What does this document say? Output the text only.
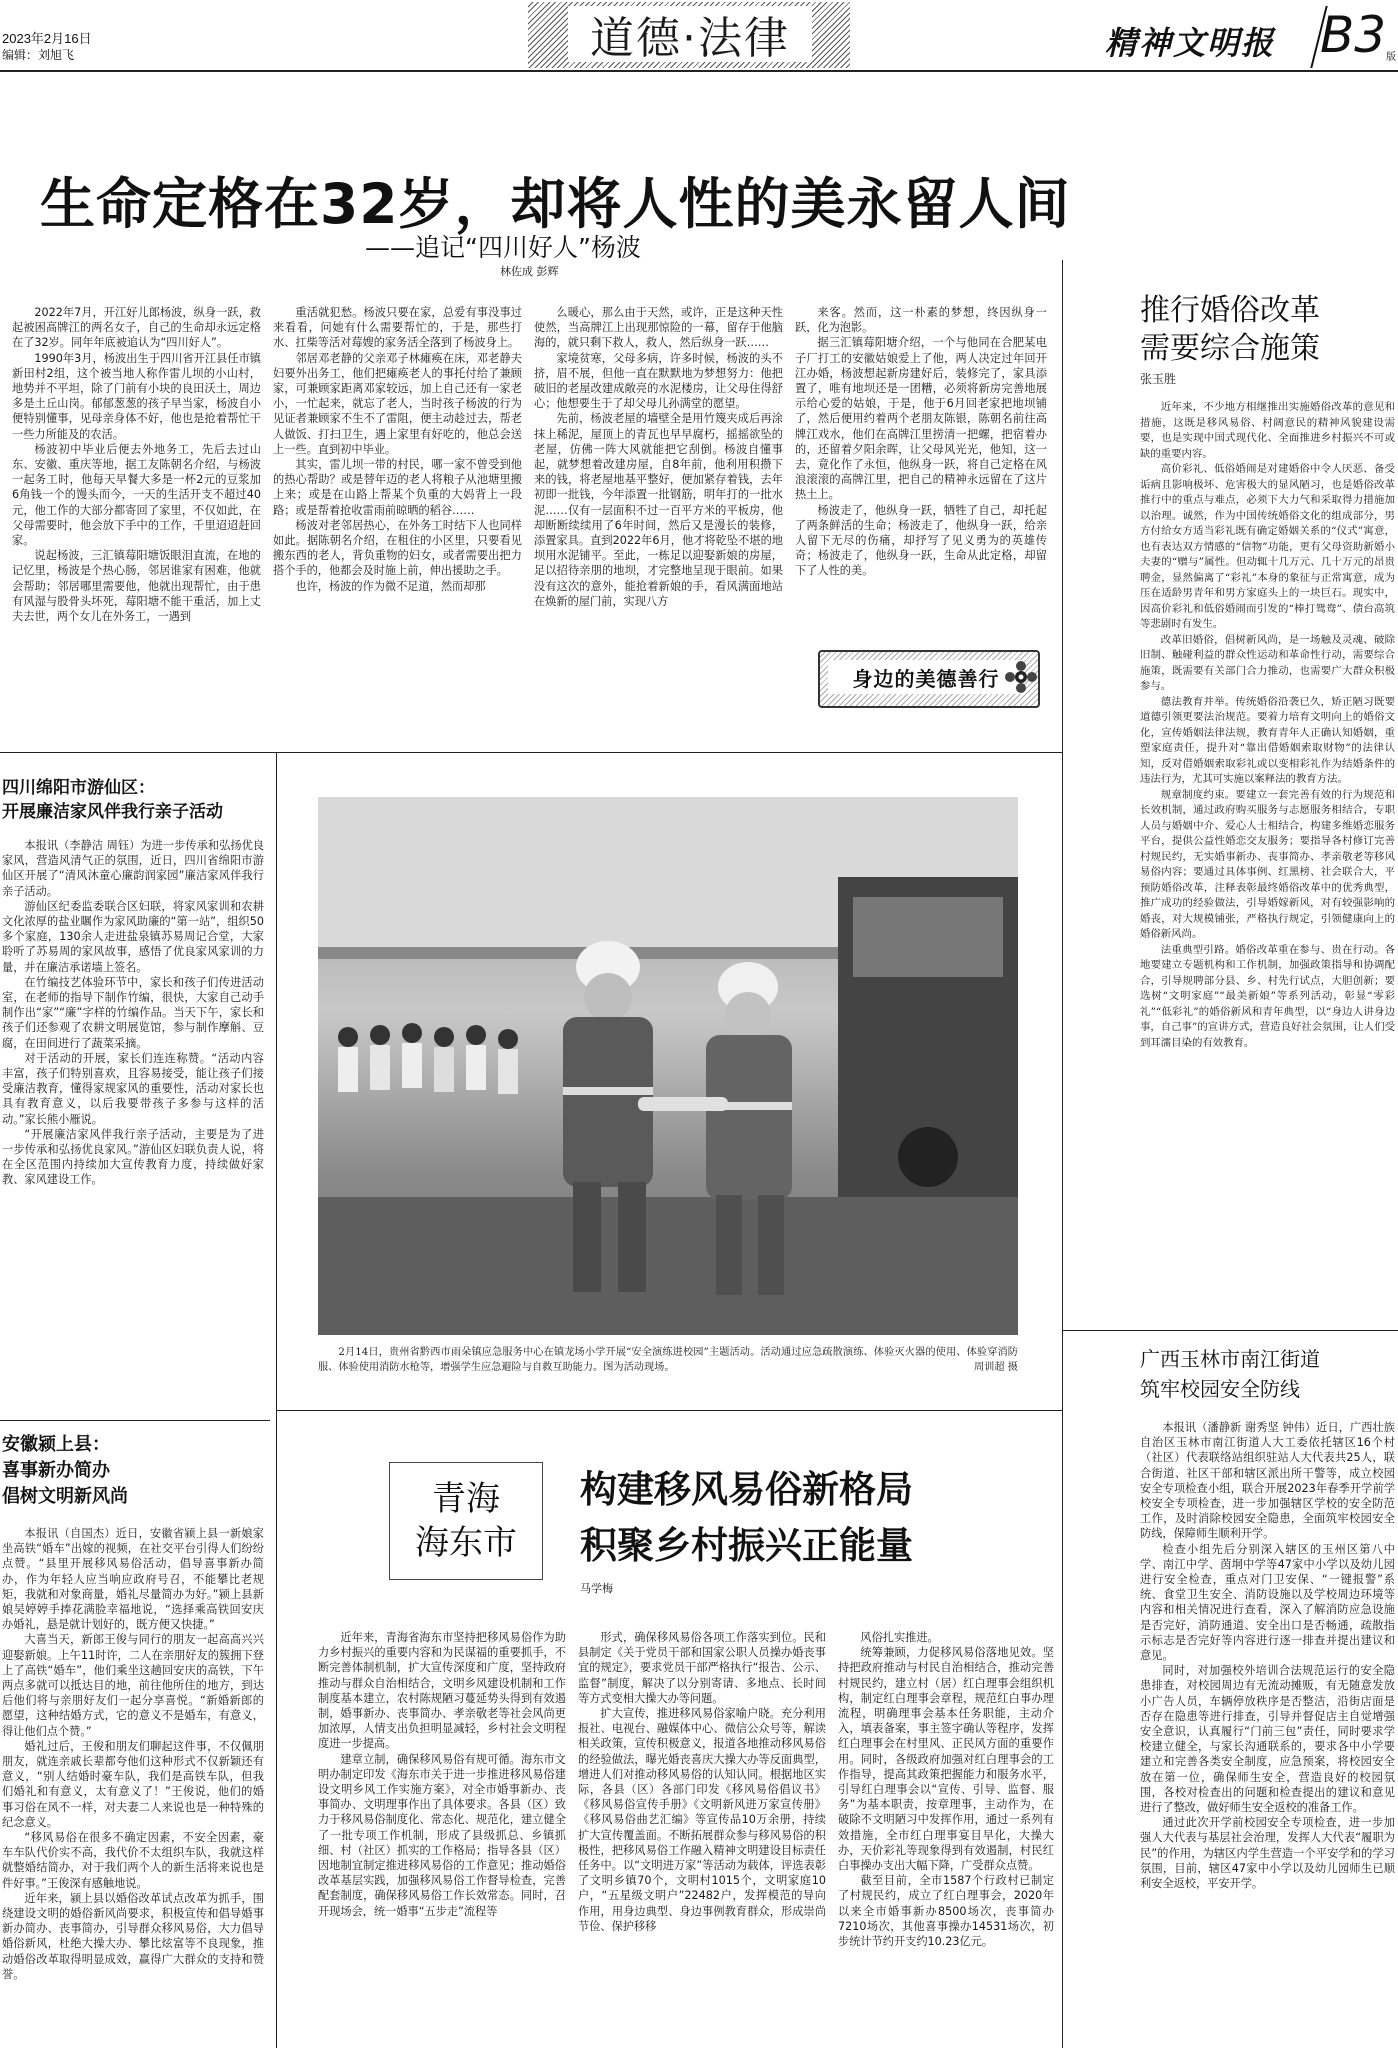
2023年2月16日
编辑：刘旭飞	道德·法律	精神文明报 B3 版
生命定格在32岁，却将人性的美永留人间
——追记“四川好人”杨波
林佐成 彭辉

2022年7月，开江好儿郎杨波，纵身一跃，救起被困高牌江的两名女子，自己的生命却永远定格在了32岁。同年年底被追认为“四川好人”。

1990年3月，杨波出生于四川省开江县任市镇新田村2组，这个被当地人称作雷儿坝的小山村，地势并不平坦，除了门前有小块的良田沃土，周边多是土丘山岗。郁郁葱葱的孩子早当家，杨波自小便特别懂事，见母亲身体不好，他也是抢着帮忙干一些力所能及的农活。

杨波初中毕业后便去外地务工，先后去过山东、安徽、重庆等地，据工友陈朝名介绍，与杨波一起务工时，他每天早餐大多是一杯2元的豆浆加6角钱一个的馒头而今，一天的生活开支不超过40元，他工作的大部分都寄回了家里，不仅如此，在父母需要时，他会放下手中的工作，千里迢迢赶回家。

说起杨波，三汇镇莓阳塘饭眼泪直流，在地的记忆里，杨波是个热心肠，邻居谁家有困难，他就会帮助；邻居哪里需要他，他就出现帮忙，由于患有风湿与股骨头坏死，莓阳塘不能干重活，加上丈夫去世，两个女儿在外务工，一遇到

重活就犯愁。杨波只要在家，总爱有事没事过来看看，问她有什么需要帮忙的，于是，那些打水、扛柴等活对莓嫂的家务活全落到了杨波身上。

邻居邓老静的父亲邓子林瘫痪在床，邓老静夫妇要外出务工，他们把瘫痪老人的事托付给了兼顾家，可兼顾家距离邓家较远，加上自己还有一家老小，一忙起来，就忘了老人，当时孩子杨波的行为见证者兼顾家不生不了雷阻，便主动趁过去，帮老人做饭、打扫卫生，遇上家里有好吃的，他总会送上一些。直到初中毕业。

其实，雷儿坝一带的村民，哪一家不曾受到他的热心帮助？或是替年迈的老人将粮子从池塘里搬上来；或是在山路上帮某个负重的大妈背上一段路；或是帮着抢收雷雨前晾晒的稻谷……

杨波对老邻居热心，在外务工时结下人也同样如此。据陈朝名介绍，在租住的小区里，只要看见搬东西的老人，背负重物的妇女，或者需要出把力搭个手的，他都会及时施上前，伸出援助之手。

也许，杨波的作为微不足道，然而却那

么暖心，那么由于天然，或许，正是这种天性使然，当高牌江上出现那惊险的一幕，留存于他脑海的，就只剩下救人，救人，然后纵身一跃……

家境贫寒，父母多病，许多时候，杨波的头不挤，眉不展，但他一直在默默地为梦想努力：他把破旧的老屋改建成敞亮的水泥楼房，让父母住得舒心；他想要生于了却父母儿孙满堂的愿望。

先前，杨波老屋的墙壁全是用竹篾夹成后再涂抹上稀泥，屋顶上的青瓦也早早腐朽，摇摇欲坠的老屋，仿佛一阵大风就能把它刮倒。杨波自懂事起，就梦想着改建房屋，自8年前，他利用积攒下来的钱，将老屋地基平整好，便加紧存着钱，去年初即一批钱，今年添置一批钢筋，明年打的一批水泥……仅有一层面积不过一百平方米的平板房，他却断断续续用了6年时间，然后又是漫长的装修，添置家具。直到2022年6月，他才将乾坠不堪的地坝用水泥铺平。至此，一栋足以迎娶新娘的房屋，足以招待亲朋的地坝，才完整地呈现于眼前。如果没有这次的意外，能抢着新娘的手，看风满面地站在焕新的屋门前，实现八方

来客。然而，这一朴素的梦想，终因纵身一跃，化为泡影。

据三汇镇莓阳塘介绍，一个与他同在合肥某电子厂打工的安徽姑娘爱上了他，两人决定过年回开江办婚，杨波想起新房建好后，装修完了，家具添置了，唯有地坝还是一团糟，必须将新房完善地展示给心爱的姑娘，于是，他于6月回老家把地坝铺了，然后便用约着两个老朋友陈银，陈朝名前往高牌江戏水，他们在高牌江里捞清一把螺，把宿着办的，还留着夕阳余晖，让父母风光光，他知，这一去，竟化作了永恒，他纵身一跃，将自己定格在风浪滚滚的高牌江里，把自己的精神永远留在了这片热土上。

杨波走了，他纵身一跃，牺牲了自己，却托起了两条鲜活的生命；杨波走了，他纵身一跃，给亲人留下无尽的伤痛，却抒写了见义勇为的英雄传奇；杨波走了，他纵身一跃，生命从此定格，却留下了人性的美。

身边的美德善行
推行婚俗改革需要综合施策
张玉胜

近年来，不少地方相继推出实施婚俗改革的意见和措施，这既是移风易俗、村阔意民的精神风貌建设需要，也是实现中国式现代化、全面推进乡村振兴不可或缺的重要内容。

高价彩礼、低俗婚闹是对建婚俗中令人厌恶、备受诟病且影响极坏、危害极大的显风陋习，也是婚俗改革推行中的重点与难点，必须下大力气和采取得力措施加以治理。诚然，作为中国传统婚俗文化的组成部分，男方付给女方适当彩礼既有确定婚姻关系的“仪式”寓意，也有表达双方情感的“信物”功能，更有父母资助新婚小夫妻的“赠与”属性。但动辄十几万元、几十万元的昂贵聘金，显然偏离了“彩礼”本身的象征与正常寓意，成为压在适龄男青年和男方家庭头上的一块巨石。现实中，因高价彩礼和低俗婚闹而引发的“棒打鸳鸯”、债台高筑等悲剧时有发生。

改革旧婚俗，倡树新风尚，是一场触及灵魂、破除旧制、触碰利益的群众性运动和革命性行动，需要综合施策，既需要有关部门合力推动，也需要广大群众积极参与。

德法教育并举。传统婚俗沿袭已久，矫正陋习既要道德引领更要法治规范。要着力培育文明向上的婚俗文化，宣传婚姻法律法规，教育青年人正确认知婚姻，重塑家庭责任，提升对“靠出借婚姻索取财物”的法律认知，反对借婚姻索取彩礼或以变相彩礼作为结婚条件的违法行为，尤其可实施以案释法的教育方法。

规章制度约束。要建立一套完善有效的行为规范和长效机制，通过政府购买服务与志愿服务相结合，专职人员与婚姻中介、爱心人士相结合，构建多维婚恋服务平台，提供公益性婚恋交友服务；要指导各村修订完善村规民约，无实婚事新办、丧事简办、孝亲敬老等移风易俗内容；要通过具体事例、红黑榜、社会联合大，平预防婚俗改革，注释表彰最终婚俗改革中的优秀典型，推广成功的经验做法，引导婚嫁新风，对有较强影响的婚丧，对大规模铺张，严格执行规定，引领健康向上的婚俗新风尚。

法重典型引路。婚俗改革重在参与、贵在行动。各地要建立专题机构和工作机制，加强政策指导和协调配合，引导规聘部分县、乡、村先行试点，大胆创新；要选树“文明家庭”“最美新娘”等系列活动，彰显“零彩礼”“低彩礼”的婚俗新风和青年典型，以“身边人讲身边事，自己事”的宣讲方式，营造良好社会氛围，让人们受到耳濡目染的有效教育。

四川绵阳市游仙区：
开展廉洁家风伴我行亲子活动

本报讯（李静洁 周钰）为进一步传承和弘扬优良家风，营造风清气正的氛围，近日，四川省绵阳市游仙区开展了“清风沐童心廉韵润家园”廉洁家风伴我行亲子活动。

游仙区纪委监委联合区妇联，将家风家训和农耕文化浓厚的盐业瞩作为家风助廉的“第一站”，组织50多个家庭，130余人走进盐泉镇苏易周记合堂，大家聆听了苏易周的家风故事，感悟了优良家风家训的力量，并在廉洁承诺墙上签名。

在竹编技艺体验环节中，家长和孩子们传进活动室，在老师的指导下制作竹编，很快，大家自己动手制作出“家”“廉”字样的竹编作品。当天下午，家长和孩子们还参观了农耕文明展览馆，参与制作摩斛、豆腐，在田间进行了蔬菜采摘。

对于活动的开展，家长们连连称赞。“活动内容丰富，孩子们特别喜欢，且容易接受，能让孩子们接受廉洁教育，懂得家规家风的重要性，活动对家长也具有教育意义，以后我要带孩子多参与这样的活动。”家长熊小雁说。

“开展廉洁家风伴我行亲子活动，主要是为了进一步传承和弘扬优良家风。”游仙区妇联负责人说，将在全区范围内持续加大宣传教育力度，持续做好家教、家风建设工作。

安徽颍上县：
喜事新办简办
倡树文明新风尚

本报讯（自国杰）近日，安徽省颍上县一新娘家坐高铁“婚车”出嫁的视频，在社交平台引得人们纷纷点赞。“县里开展移风易俗活动，倡导喜事新办简办，作为年轻人应当响应政府号召，不能攀比老规矩，我就和对象商量，婚礼尽量简办为好。”颍上县新娘吴婷婷手捧花满脸幸福地说，“选择乘高铁回安庆办婚礼，悬是就计划好的，既方便又快捷。”

大喜当天，新郎王俊与同行的朋友一起高高兴兴迎娶新娘。上午11时许，二人在亲朋好友的簇拥下登上了高铁“婚车”，他们乘坐这趟回安庆的高铁，下午两点多就可以抵达目的地，前往他所住的地方，到达后他们将与亲朋好友们一起分享喜悦。“新婚新郎的愿望，这种结婚方式，它的意义不是婚车，有意义，得让他们点个赞。”

婚礼过后，王俊和朋友们聊起这件事，不仅佩朋朋友，就连亲戚长辈都夸他们这种形式不仅新颖还有意义，“别人结婚时豪车队，我们是高铁车队，但我们婚礼和有意义，太有意义了！”王俊说，他们的婚事习俗在风不一样，对夫妻二人来说也是一种特殊的纪念意义。

“移风易俗在很多不确定因素，不安全因素，豪车车队代价实不高，我代价不太组织车队，我就这样就整婚结简办，对于我们两个人的新生活将来说也是件好事。”王俊深有感触地说。

近年来，颍上县以婚俗改革试点改革为抓手，围绕建设文明的婚俗新风尚要求，积极宣传和倡导婚事新办简办、丧事简办，引导群众移风易俗，大力倡导婚俗新风，杜绝大操大办、攀比炫富等不良现象，推动婚俗改革取得明显成效，赢得广大群众的支持和赞誉。

2月14日，贵州省黔西市雨朵镇应急服务中心在镇龙场小学开展“安全演练进校园”主题活动。活动通过应急疏散演练、体验灭火器的使用、体验穿消防服、体验使用消防水枪等，增强学生应急避险与自救互助能力。图为活动现场。	周训超 摄

青海
海东市
构建移风易俗新格局
积聚乡村振兴正能量
马学梅

近年来，青海省海东市坚持把移风易俗作为助力乡村振兴的重要内容和为民谋福的重要抓手，不断完善体制机制，扩大宣传深度和广度，坚持政府推动与群众自治相结合，文明乡风建设机制和工作制度基本建立，农村陈规陋习蔓延势头得到有效遏制，婚事新办、丧事简办、孝亲敬老等社会风尚更加浓厚，人情支出负担明显减轻，乡村社会文明程度进一步提高。

建章立制，确保移风易俗有规可循。海东市文明办制定印发《海东市关于进一步推进移风易俗建设文明乡风工作实施方案》，对全市婚事新办、丧事简办、文明理事作出了具体要求。各县（区）致力于移风易俗制度化、常态化、规范化，建立健全了一批专项工作机制，形成了县级抓总、乡镇抓细、村（社区）抓实的工作格局；指导各县（区）因地制宜制定推进移风易俗的工作意见；推动婚俗改革基层实践，加强移风易俗工作督导检查，完善配套制度，确保移风易俗工作长效常态。同时，召开现场会，统一婚事“五步走”流程等

形式，确保移风易俗各项工作落实到位。民和县制定《关于党员干部和国家公职人员操办婚丧事宜的规定》，要求党员干部严格执行“报告、公示、监督”制度，解决了以分别寄请、多地点、长时间等方式变相大操大办等问题。

扩大宣传，推进移风易俗家喻户晓。充分利用报社、电视台、融媒体中心、微信公众号等，解读相关政策，宣传积极意义，报道各地推动移风易俗的经验做法，曝光婚丧喜庆大操大办等反面典型，增进人们对推动移风易俗的认知认同。根据地区实际，各县（区）各部门印发《移风易俗倡议书》《移风易俗宣传手册》《文明新风进万家宣传册》《移风易俗曲艺汇编》等宣传品10万余册，持续扩大宣传覆盖面。不断拓展群众参与移风易俗的积极性，把移风易俗工作融入精神文明建设目标责任任务中。以“文明进万家”等活动为载体，评选表彰了文明乡镇70个，文明村1015个，文明家庭10户，“五星级文明户”22482户，发挥模范的导向作用，用身边典型、身边事例教育群众，形成崇尚节俭、保护移移

风俗扎实推进。

统筹兼顾，力促移风易俗落地见效。坚持把政府推动与村民自治相结合，推动完善村规民约，建立村（居）红白理事会组织机构，制定红白理事会章程，规范红白事办理流程，明确理事会基本任务职能，主动介入，填表备案，事主签字确认等程序，发挥红白理事会在村里风、正民风方面的重要作用。同时，各级政府加强对红白理事会的工作指导，提高其政策把握能力和服务水平，引导红白理事会以“宣传、引导、监督、服务”为基本职责，按章理事，主动作为，在破除不文明陋习中发挥作用，通过一系列有效措施，全市红白理事宴目早化，大操大办，天价彩礼等现象得到有效遏制，村民红白事操办支出大幅下降，广受群众点赞。

截至目前，全市1587个行政村已制定了村规民约，成立了红白理事会，2020年以来全市婚事新办8500场次，丧事简办7210场次，其他喜事操办14531场次，初步统计节约开支约10.23亿元。

广西玉林市南江街道
筑牢校园安全防线

本报讯（潘静新 谢秀坚 钟伟）近日，广西壮族自治区玉林市南江街道人大工委依托辖区16个村（社区）代表联络站组织驻站人大代表共25人，联合街道、社区干部和辖区派出所干警等，成立校园安全专项检查小组，联合开展2023年春季开学前学校安全专项检查，进一步加强辖区学校的安全防范工作，及时消除校园安全隐患，全面筑牢校园安全防线，保障师生顺利开学。

检查小组先后分别深入辖区的玉州区第八中学、南江中学、茵垌中学等47家中小学以及幼儿园进行安全检查，重点对门卫安保、“一键报警”系统、食堂卫生安全、消防设施以及学校周边环境等内容和相关情况进行查看，深入了解消防应急设施是否完好，消防通道、安全出口是否畅通，疏散指示标志是否完好等内容进行逐一排查并提出建议和意见。

同时，对加强校外培训合法规范运行的安全隐患排查，对校园周边有无流动摊贩，有无随意发放小广告人员，车辆停放秩序是否整洁，沿街店面是否存在隐患等进行排查，引导并督促店主自觉增强安全意识，认真履行“门前三包”责任，同时要求学校建立健全，与家长沟通联系的，要求各中小学要建立和完善各类安全制度，应急预案，将校园安全放在第一位，确保师生安全，营造良好的校园氛围，各校对检查出的问题和检查提出的建议和意见进行了整改，做好师生安全返校的准备工作。

通过此次开学前校园安全专项检查，进一步加强人大代表与基层社会治理，发挥人大代表“履职为民”的作用，为辖区内学生营造一个平安学和的学习氛围，目前，辖区47家中小学以及幼儿园师生已顺利安全返校，平安开学。
